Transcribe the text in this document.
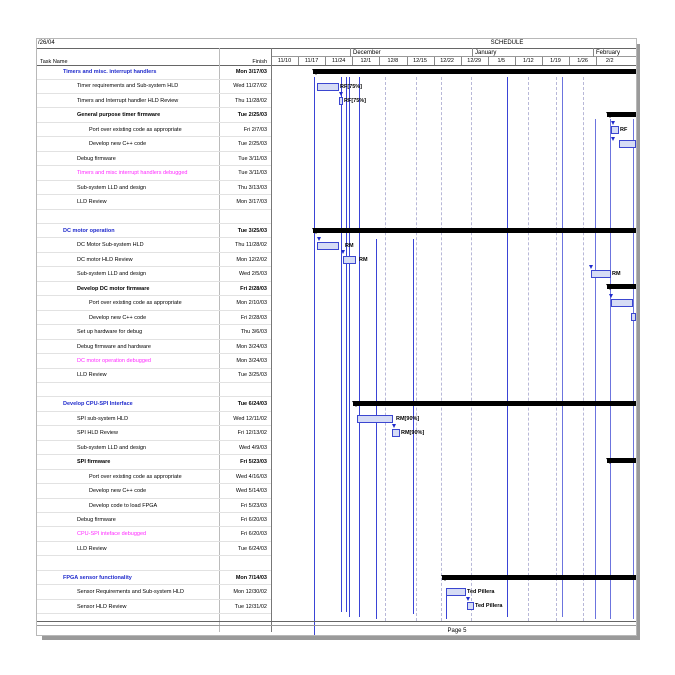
/26/04	SCHEDULE
Task Name	Finish
December	January	February
11/10	11/17	11/24	12/1	12/8	12/15	12/22	12/29	1/5	1/12	1/19	1/26	2/2
Timers and misc. interrupt handlers	Mon 3/17/03
Timer requirements and Sub-system HLD	Wed 11/27/02
Timers and Interrupt handler HLD Review	Thu 11/28/02
General purpose timer firmware	Tue 2/25/03
Port over existing code as appropriate	Fri 2/7/03
Develop new C++ code	Tue 2/25/03
Debug firmware	Tue 3/11/03
Timers and misc interrupt handlers debugged	Tue 3/11/03
Sub-system LLD and design	Thu 3/13/03
LLD Review	Mon 3/17/03
DC motor operation	Tue 3/25/03
DC Motor Sub-system HLD	Thu 11/28/02
DC motor HLD Review	Mon 12/2/02
Sub-system LLD and design	Wed 2/5/03
Develop DC motor firmware	Fri 2/28/03
Port over existing code as appropriate	Mon 2/10/03
Develop new C++ code	Fri 2/28/03
Set up hardware for debug	Thu 3/6/03
Debug firmware and hardware	Mon 3/24/03
DC motor operation debugged	Mon 3/24/03
LLD Review	Tue 3/25/03
Develop CPU-SPI Interface	Tue 6/24/03
SPI sub-system HLD	Wed 12/11/02
SPI HLD Review	Fri 12/13/02
Sub-system LLD and design	Wed 4/9/03
SPI firmware	Fri 5/23/03
Port over existing code as appropriate	Wed 4/16/03
Develop new C++ code	Wed 5/14/03
Develop code to load FPGA	Fri 5/23/03
Debug firmware	Fri 6/20/03
CPU-SPI inteface debugged	Fri 6/20/03
LLD Review	Tue 6/24/03
FPGA sensor functionality	Mon 7/14/03
Sensor Requirements and Sub-system HLD	Mon 12/30/02
Sensor HLD Review	Tue 12/31/02
RF[75%]
RF[75%]
RF
RM
RM
RM
RM[90%]
RM[90%]
Ted Pillera
Ted Pillera
Page 5
